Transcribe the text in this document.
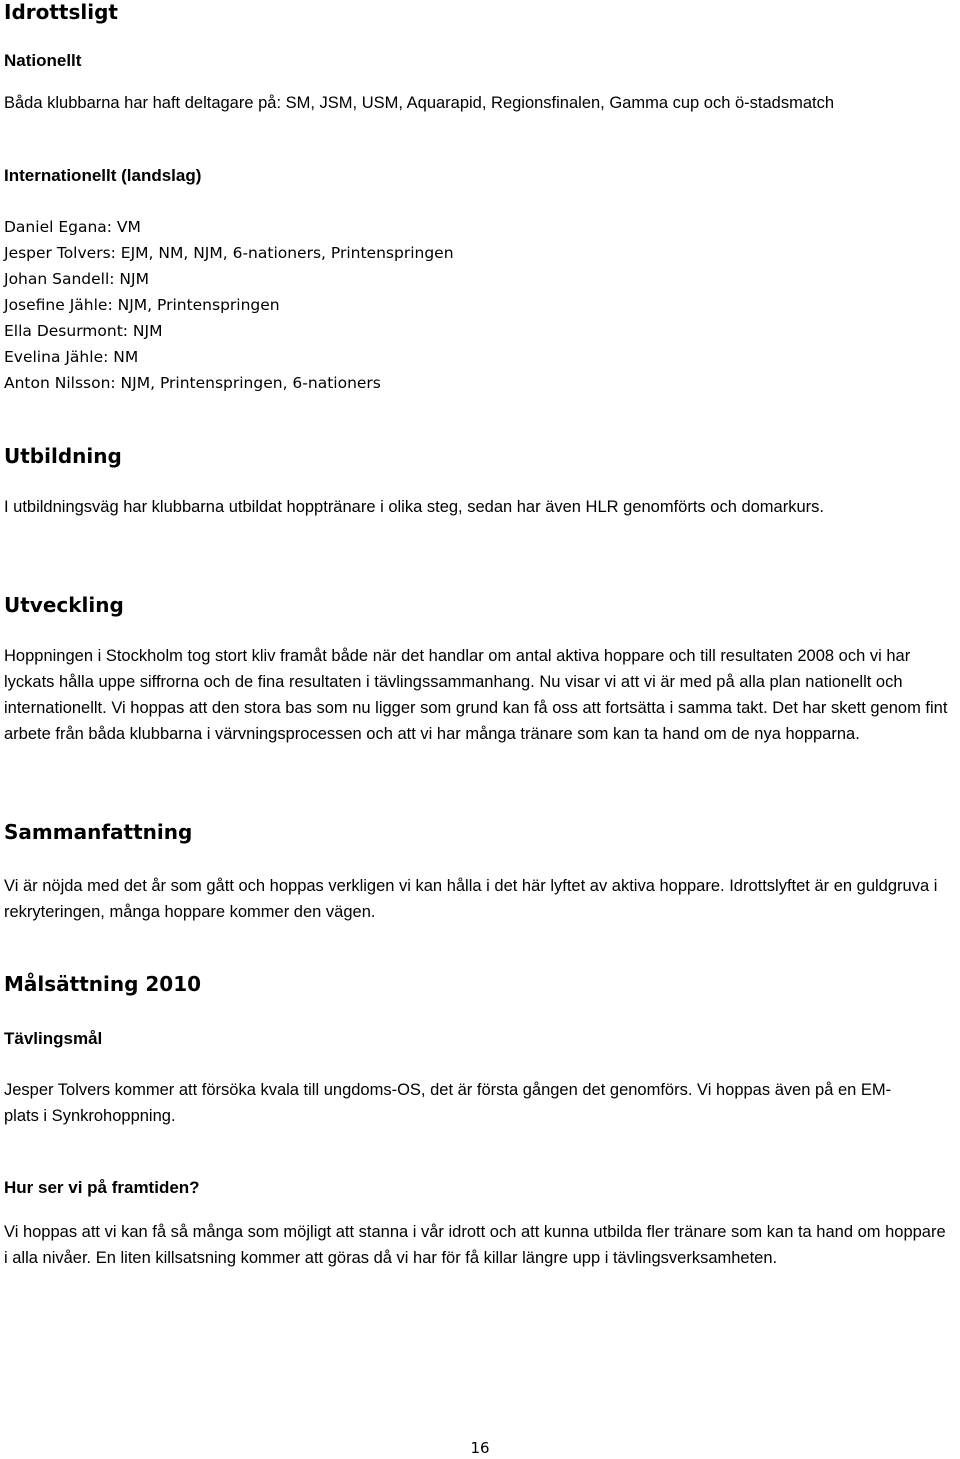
Idrottsligt
Nationellt

Båda klubbarna har haft deltagare på: SM, JSM, USM, Aquarapid, Regionsfinalen, Gamma cup och ö-stadsmatch

Internationellt (landslag)
Daniel Egana: VM
Jesper Tolvers: EJM, NM, NJM, 6-nationers, Printenspringen
Johan Sandell: NJM
Josefine Jähle: NJM, Printenspringen
Ella Desurmont: NJM
Evelina Jähle: NM
Anton Nilsson: NJM, Printenspringen, 6-nationers
Utbildning

I utbildningsväg har klubbarna utbildat hopptränare i olika steg, sedan har även HLR genomförts och domarkurs.

Utveckling

Hoppningen i Stockholm tog stort kliv framåt både när det handlar om antal aktiva hoppare och till resultaten 2008 och vi har lyckats hålla uppe siffrorna och de fina resultaten i tävlingssammanhang. Nu visar vi att vi är med på alla plan nationellt och internationellt. Vi hoppas att den stora bas som nu ligger som grund kan få oss att fortsätta i samma takt. Det har skett genom fint arbete från båda klubbarna i värvningsprocessen och att vi har många tränare som kan ta hand om de nya hopparna.

Sammanfattning

Vi är nöjda med det år som gått och hoppas verkligen vi kan hålla i det här lyftet av aktiva hoppare. Idrottslyftet är en guldgruva i rekryteringen, många hoppare kommer den vägen.

Målsättning 2010
Tävlingsmål

Jesper Tolvers kommer att försöka kvala till ungdoms-OS, det är första gången det genomförs. Vi hoppas även på en EM-plats i Synkrohoppning.

Hur ser vi på framtiden?

Vi hoppas att vi kan få så många som möjligt att stanna i vår idrott och att kunna utbilda fler tränare som kan ta hand om hoppare i alla nivåer. En liten killsatsning kommer att göras då vi har för få killar längre upp i tävlingsverksamheten.

16
